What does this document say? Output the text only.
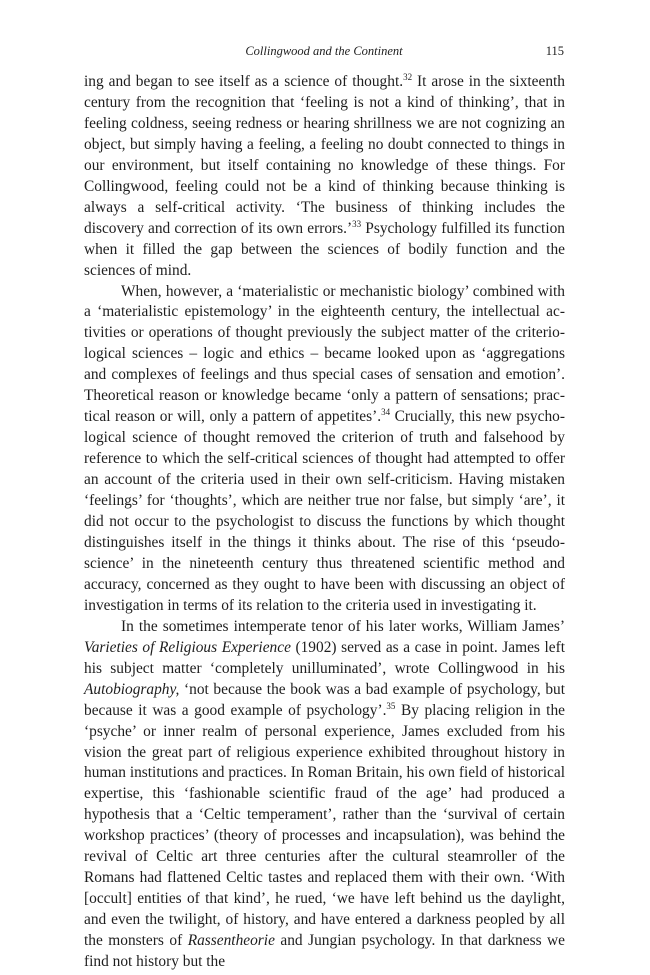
Collingwood and the Continent	115

ing and began to see itself as a science of thought.$^{32}$ It arose in the sixteenth century from the recognition that ‘feeling is not a kind of thinking’, that in feeling coldness, seeing redness or hearing shrillness we are not cognizing an object, but simply having a feeling, a feeling no doubt connected to things in our environment, but itself containing no knowledge of these things. For Collingwood, feeling could not be a kind of thinking because thinking is always a self-critical activity. ‘The business of thinking includes the discovery and correction of its own errors.’$^{33}$ Psychology fulfilled its function when it filled the gap between the sciences of bodily function and the sciences of mind.

When, however, a ‘materialistic or mechanistic biology’ combined with a ‘materialistic epistemology’ in the eighteenth century, the intellectual activities or operations of thought previously the subject matter of the criteriological sciences – logic and ethics – became looked upon as ‘aggregations and complexes of feelings and thus special cases of sensation and emotion’. Theoretical reason or knowledge became ‘only a pattern of sensations; practical reason or will, only a pattern of appetites’.$^{34}$ Crucially, this new psychological science of thought removed the criterion of truth and falsehood by reference to which the self-critical sciences of thought had attempted to offer an account of the criteria used in their own self-criticism. Having mistaken ‘feelings’ for ‘thoughts’, which are neither true nor false, but simply ‘are’, it did not occur to the psychologist to discuss the functions by which thought distinguishes itself in the things it thinks about. The rise of this ‘pseudo-science’ in the nineteenth century thus threatened scientific method and accuracy, concerned as they ought to have been with discussing an object of investigation in terms of its relation to the criteria used in investigating it.

In the sometimes intemperate tenor of his later works, William James’ Varieties of Religious Experience (1902) served as a case in point. James left his subject matter ‘completely unilluminated’, wrote Collingwood in his Autobiography, ‘not because the book was a bad example of psychology, but because it was a good example of psychology’.$^{35}$ By placing religion in the ‘psyche’ or inner realm of personal experience, James excluded from his vision the great part of religious experience exhibited throughout history in human institutions and practices. In Roman Britain, his own field of historical expertise, this ‘fashionable scientific fraud of the age’ had produced a hypothesis that a ‘Celtic temperament’, rather than the ‘survival of certain workshop practices’ (theory of processes and incapsulation), was behind the revival of Celtic art three centuries after the cultural steamroller of the Romans had flattened Celtic tastes and replaced them with their own. ‘With [occult] entities of that kind’, he rued, ‘we have left behind us the daylight, and even the twilight, of history, and have entered a darkness peopled by all the monsters of Rassentheorie and Jungian psychology. In that darkness we find not history but the
